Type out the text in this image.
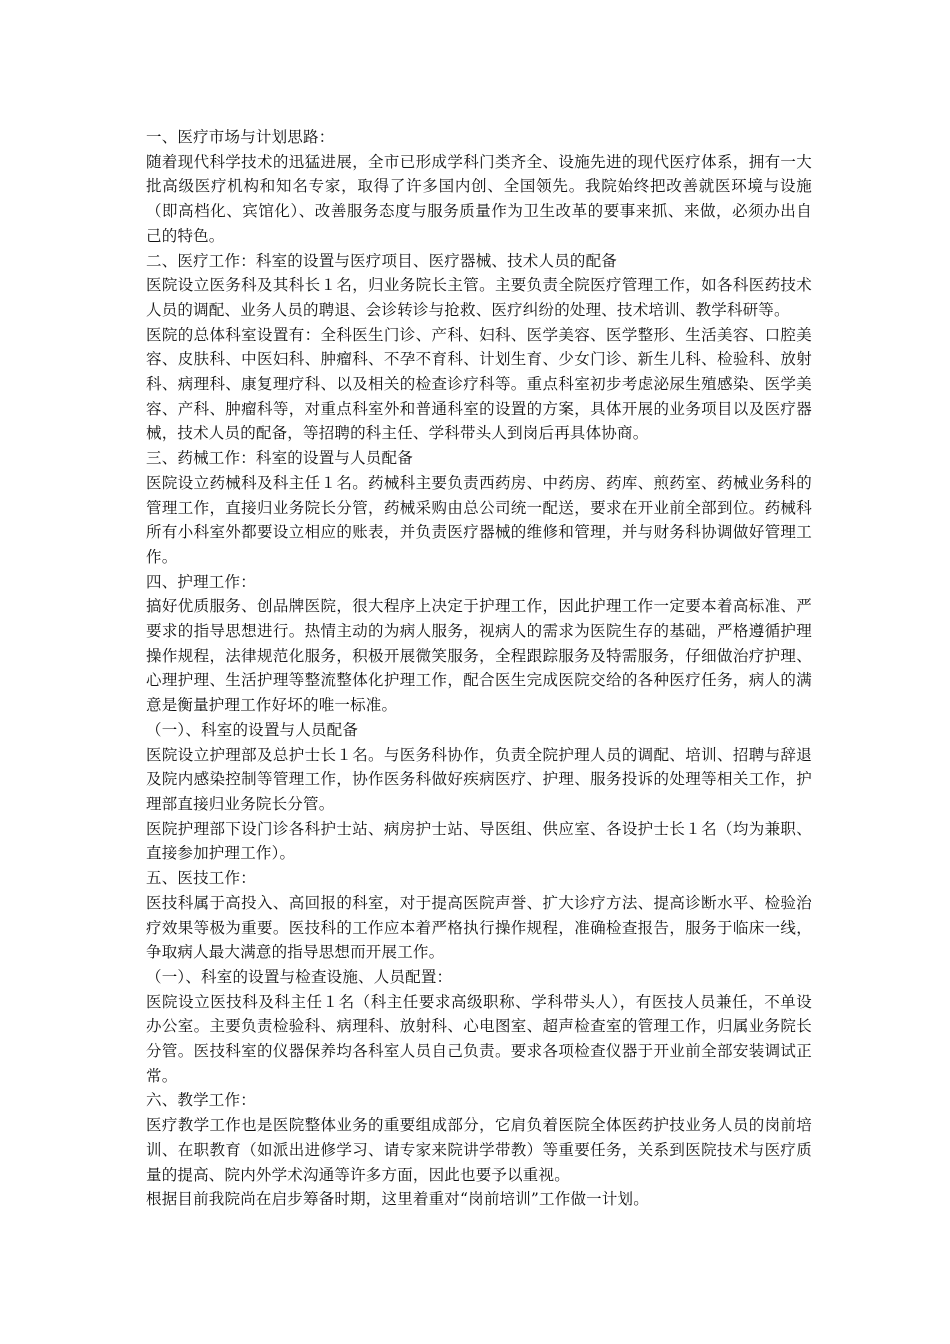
一、医疗市场与计划思路：

随着现代科学技术的迅猛进展，全市已形成学科门类齐全、设施先进的现代医疗体系，拥有一大批高级医疗机构和知名专家，取得了许多国内创、全国领先。我院始终把改善就医环境与设施（即高档化、宾馆化）、改善服务态度与服务质量作为卫生改革的要事来抓、来做，必须办出自己的特色。

二、医疗工作：科室的设置与医疗项目、医疗器械、技术人员的配备

医院设立医务科及其科长１名，归业务院长主管。主要负责全院医疗管理工作，如各科医药技术人员的调配、业务人员的聘退、会诊转诊与抢救、医疗纠纷的处理、技术培训、教学科研等。

医院的总体科室设置有：全科医生门诊、产科、妇科、医学美容、医学整形、生活美容、口腔美容、皮肤科、中医妇科、肿瘤科、不孕不育科、计划生育、少女门诊、新生儿科、检验科、放射科、病理科、康复理疗科、以及相关的检查诊疗科等。重点科室初步考虑泌尿生殖感染、医学美容、产科、肿瘤科等，对重点科室外和普通科室的设置的方案，具体开展的业务项目以及医疗器械，技术人员的配备，等招聘的科主任、学科带头人到岗后再具体协商。

三、药械工作：科室的设置与人员配备

医院设立药械科及科主任１名。药械科主要负责西药房、中药房、药库、煎药室、药械业务科的管理工作，直接归业务院长分管，药械采购由总公司统一配送，要求在开业前全部到位。药械科所有小科室外都要设立相应的账表，并负责医疗器械的维修和管理，并与财务科协调做好管理工作。

四、护理工作：

搞好优质服务、创品牌医院，很大程序上决定于护理工作，因此护理工作一定要本着高标准、严要求的指导思想进行。热情主动的为病人服务，视病人的需求为医院生存的基础，严格遵循护理操作规程，法律规范化服务，积极开展微笑服务，全程跟踪服务及特需服务，仔细做治疗护理、心理护理、生活护理等整流整体化护理工作，配合医生完成医院交给的各种医疗任务，病人的满意是衡量护理工作好坏的唯一标准。

（一）、科室的设置与人员配备

医院设立护理部及总护士长１名。与医务科协作，负责全院护理人员的调配、培训、招聘与辞退及院内感染控制等管理工作，协作医务科做好疾病医疗、护理、服务投诉的处理等相关工作，护理部直接归业务院长分管。

医院护理部下设门诊各科护士站、病房护士站、导医组、供应室、各设护士长１名（均为兼职、直接参加护理工作）。

五、医技工作：

医技科属于高投入、高回报的科室，对于提高医院声誉、扩大诊疗方法、提高诊断水平、检验治疗效果等极为重要。医技科的工作应本着严格执行操作规程，准确检查报告，服务于临床一线，争取病人最大满意的指导思想而开展工作。

（一）、科室的设置与检查设施、人员配置：

医院设立医技科及科主任１名（科主任要求高级职称、学科带头人），有医技人员兼任，不单设办公室。主要负责检验科、病理科、放射科、心电图室、超声检查室的管理工作，归属业务院长分管。医技科室的仪器保养均各科室人员自己负责。要求各项检查仪器于开业前全部安装调试正常。

六、教学工作：

医疗教学工作也是医院整体业务的重要组成部分，它肩负着医院全体医药护技业务人员的岗前培训、在职教育（如派出进修学习、请专家来院讲学带教）等重要任务，关系到医院技术与医疗质量的提高、院内外学术沟通等许多方面，因此也要予以重视。

根据目前我院尚在启步筹备时期，这里着重对“岗前培训”工作做一计划。
